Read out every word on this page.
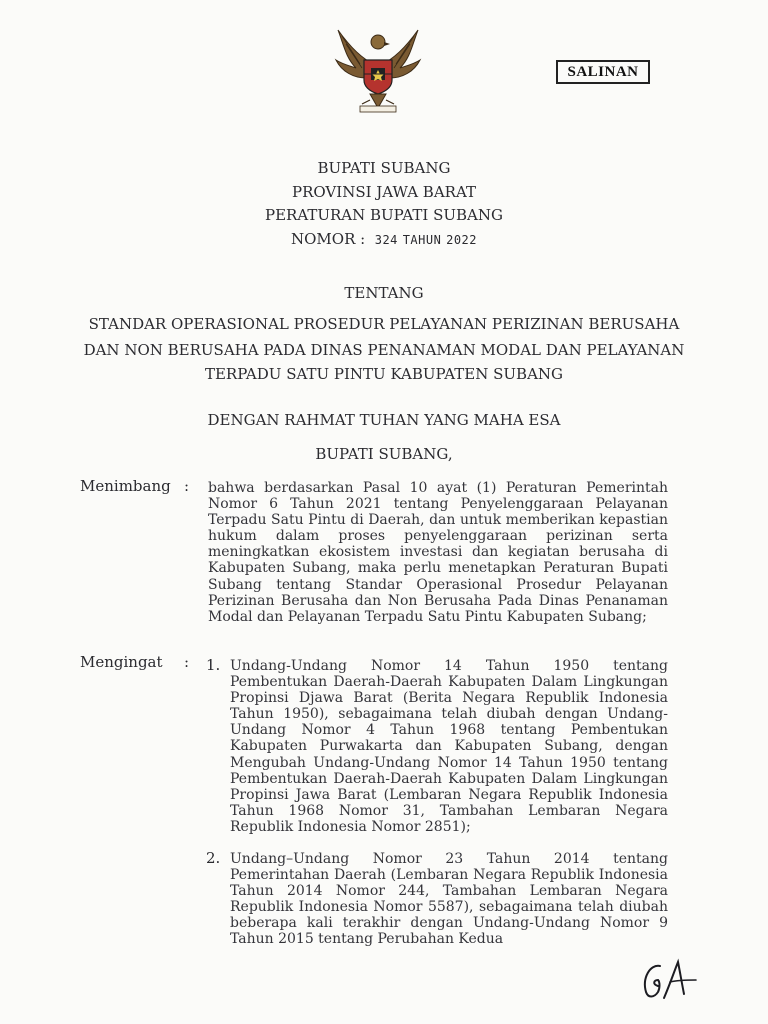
SALINAN
BUPATI SUBANG
PROVINSI JAWA BARAT
PERATURAN BUPATI SUBANG
NOMOR : 324 TAHUN 2022
TENTANG
STANDAR OPERASIONAL PROSEDUR PELAYANAN PERIZINAN BERUSAHA
DAN NON BERUSAHA PADA DINAS PENANAMAN MODAL DAN PELAYANAN
TERPADU SATU PINTU KABUPATEN SUBANG
DENGAN RAHMAT TUHAN YANG MAHA ESA
BUPATI SUBANG,
Menimbang : bahwa berdasarkan Pasal 10 ayat (1) Peraturan Pemerintah Nomor 6 Tahun 2021 tentang Penyelenggaraan Pelayanan Terpadu Satu Pintu di Daerah, dan untuk memberikan kepastian hukum dalam proses penyelenggaraan perizinan serta meningkatkan ekosistem investasi dan kegiatan berusaha di Kabupaten Subang, maka perlu menetapkan Peraturan Bupati Subang tentang Standar Operasional Prosedur Pelayanan Perizinan Berusaha dan Non Berusaha Pada Dinas Penanaman Modal dan Pelayanan Terpadu Satu Pintu Kabupaten Subang;
Mengingat : 1. Undang-Undang Nomor 14 Tahun 1950 tentang Pembentukan Daerah-Daerah Kabupaten Dalam Lingkungan Propinsi Djawa Barat (Berita Negara Republik Indonesia Tahun 1950), sebagaimana telah diubah dengan Undang-Undang Nomor 4 Tahun 1968 tentang Pembentukan Kabupaten Purwakarta dan Kabupaten Subang, dengan Mengubah Undang-Undang Nomor 14 Tahun 1950 tentang Pembentukan Daerah-Daerah Kabupaten Dalam Lingkungan Propinsi Jawa Barat (Lembaran Negara Republik Indonesia Tahun 1968 Nomor 31, Tambahan Lembaran Negara Republik Indonesia Nomor 2851);
2. Undang–Undang Nomor 23 Tahun 2014 tentang Pemerintahan Daerah (Lembaran Negara Republik Indonesia Tahun 2014 Nomor 244, Tambahan Lembaran Negara Republik Indonesia Nomor 5587), sebagaimana telah diubah beberapa kali terakhir dengan Undang-Undang Nomor 9 Tahun 2015 tentang Perubahan Kedua
